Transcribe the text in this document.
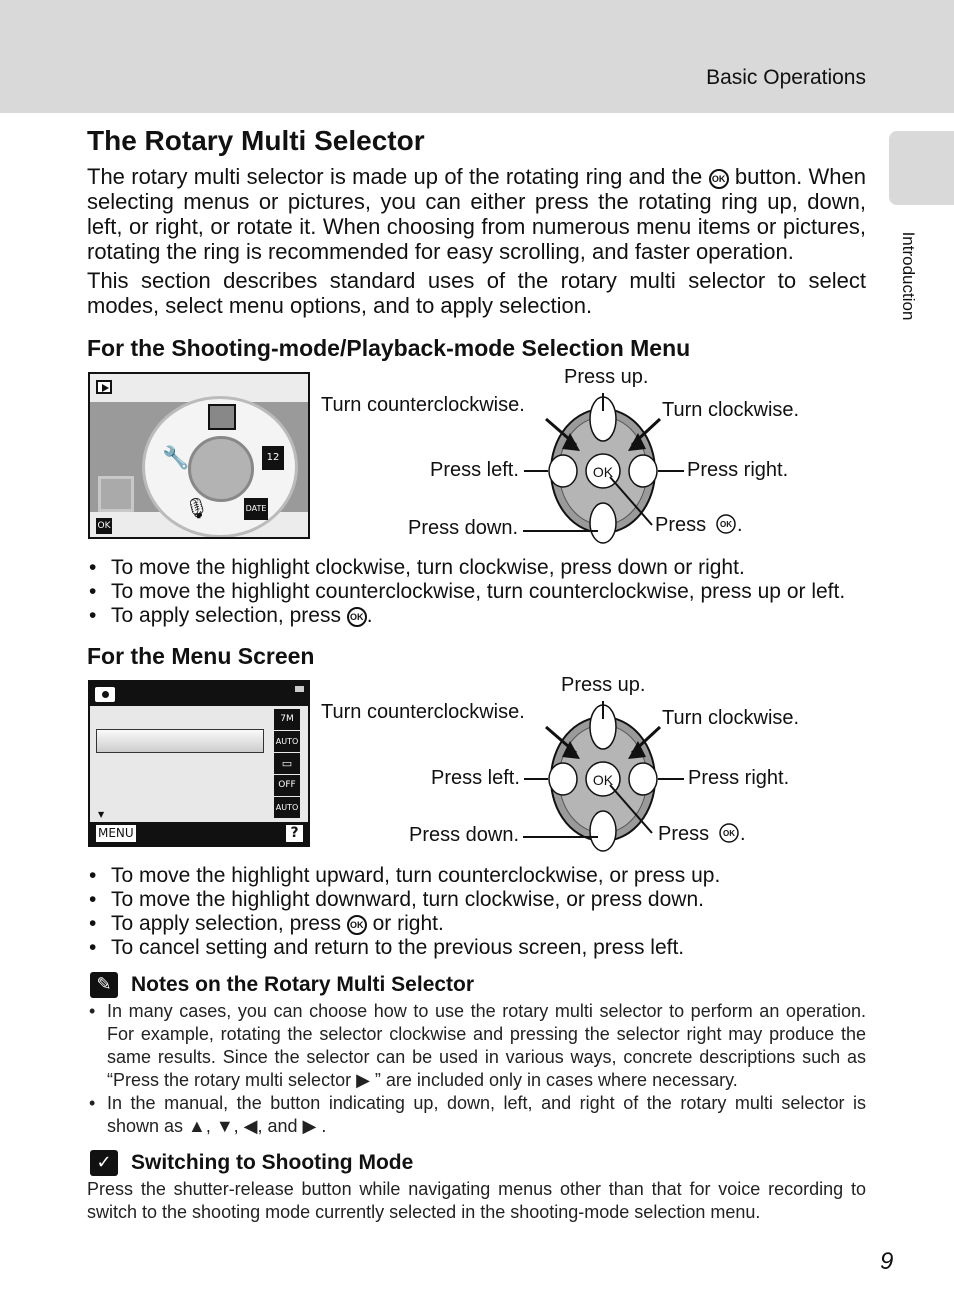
Basic Operations
Introduction
The Rotary Multi Selector

The rotary multi selector is made up of the rotating ring and the OK button. When selecting menus or pictures, you can either press the rotating ring up, down, left, or right, or rotate it. When choosing from numerous menu items or pictures, rotating the ring is recommended for easy scrolling, and faster operation.

This section describes standard uses of the rotary multi selector to select modes, select menu options, and to apply selection.

For the Shooting-mode/Playback-mode Selection Menu
🔧	12
🎙	DATE
OK
OK
Press up.
Turn counterclockwise.	Turn clockwise.
Press left.	Press right.
Press down.	Press OK .
• To move the highlight clockwise, turn clockwise, press down or right.
• To move the highlight counterclockwise, turn counterclockwise, press up or left.
• To apply selection, press OK .
For the Menu Screen
▼
7M
AUTO
▭
OFF
AUTO
MENU	?
OK
Press up.
Turn counterclockwise.	Turn clockwise.
Press left.	Press right.
Press down.	Press OK .
• To move the highlight upward, turn counterclockwise, or press up.
• To move the highlight downward, turn clockwise, or press down.
• To apply selection, press OK or right.
• To cancel setting and return to the previous screen, press left.
✎ Notes on the Rotary Multi Selector
• In many cases, you can choose how to use the rotary multi selector to perform an operation. For example, rotating the selector clockwise and pressing the selector right may produce the same results. Since the selector can be used in various ways, concrete descriptions such as “Press the rotary multi selector ▶ ” are included only in cases where necessary.
• In the manual, the button indicating up, down, left, and right of the rotary multi selector is shown as ▲, ▼, ◀, and ▶ .
✓ Switching to Shooting Mode

Press the shutter-release button while navigating menus other than that for voice recording to switch to the shooting mode currently selected in the shooting-mode selection menu.

9
